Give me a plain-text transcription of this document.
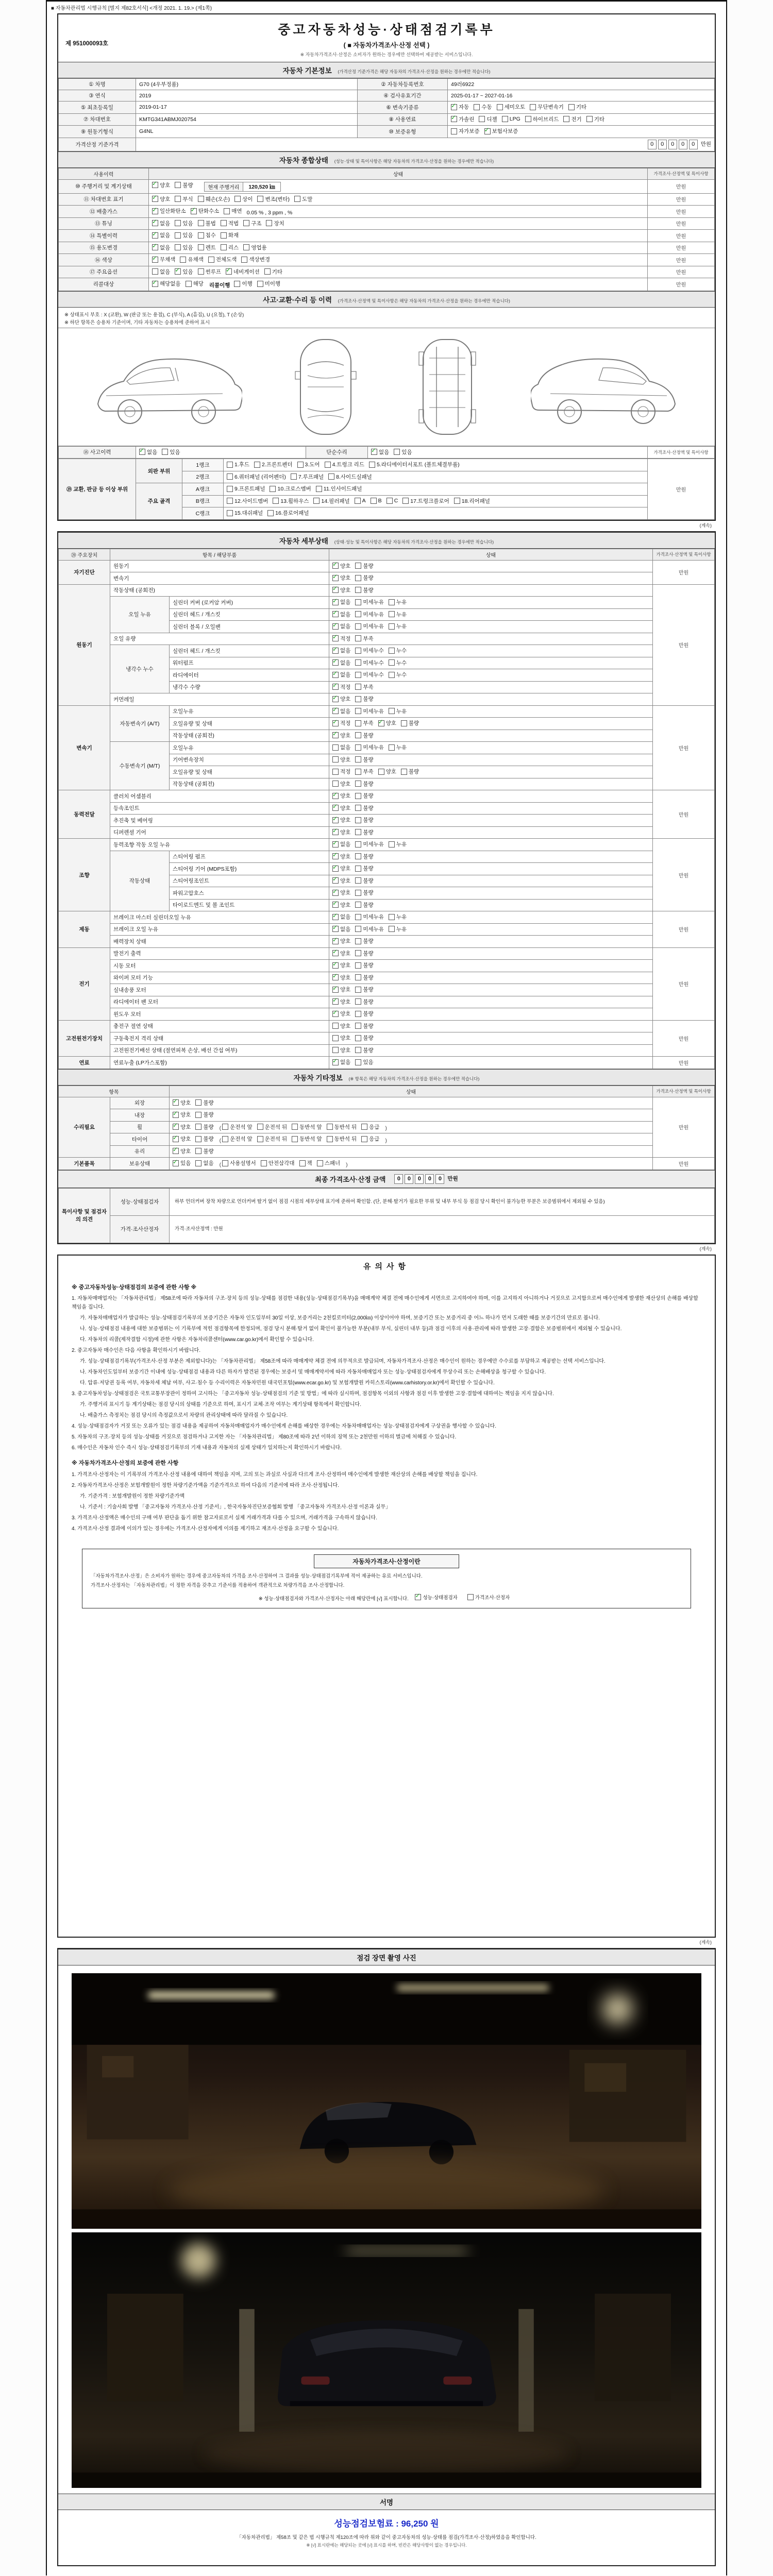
■ 자동차관리법 시행규칙 [별지 제82호서식] <개정 2021. 1. 19.> (제1쪽)
제 951000093호
중고자동차성능·상태점검기록부
( ■ 자동차가격조사·산정 선택 )
※ 자동차가격조사·산정은 소비자가 원하는 경우에만 선택하여 제공받는 서비스입니다.
자동차 기본정보 (가격산정 기준가격은 해당 자동차의 가격조사·산정을 원하는 경우에만 적습니다)
① 차명	G70 (4우부정품)	② 자동차등록번호	49러6922
③ 연식	2019	④ 검사유효기간	2025-01-17 ~ 2027-01-16
⑤ 최초등록일	2019-01-17	⑥ 변속기종류	
✓자동 수동 세미오토 무단변속기 기타

⑦ 차대번호	KMTG341ABMJ020754	⑧ 사용연료	
✓가솔린 디젤 LPG 하이브리드 전기 기타

⑨ 원동기형식	G4NL	⑩ 보증유형	자가보증 ✓ 보험사보증

가격산정 기준가격	0 0 0 0 0 만원		
자동차 종합상태 (성능·상태 및 특이사항은 해당 자동차의 가격조사·산정을 원하는 경우에만 적습니다)
사용이력	상태	가격조사·산정액 및 특이사항
⑩ 주행거리 및 계기상태	
✓양호 불량 현재 주행거리 120,520 ㎞	만원
⑪ 차대번호 표기	
✓양호 부식 훼손(오손) 상이 변조(변타) 도말	만원
⑫ 배출가스	
✓일산화탄소 ✓ 탄화수소 매연 0.05 % , 3 ppm , %	만원
⑬ 튜닝	
✓없음 있음 불법 적법 구조 장치	만원
⑭ 특별이력	
✓없음 있음 침수 화재	만원
⑮ 용도변경	
✓없음 있음 렌트 리스 영업용	만원
⑯ 색상	
✓무채색 유채색 전체도색 색상변경	만원
⑰ 주요옵션	없음 ✓ 있음 썬루프 ✓ 네비게이션 기타	만원
리콜대상	
✓해당없음 해당 리콜이행 이행 미이행	만원
사고·교환·수리 등 이력 (가격조사·산정액 및 특이사항은 해당 자동차의 가격조사·산정을 원하는 경우에만 적습니다)
※ 상태표시 부호 : X (교환), W (판금 또는 용접), C (부식), A (흠집), U (요철), T (손상)
※ 하단 항목은 승용차 기준이며, 기타 자동차는 승용차에 준하여 표시
⑱ 사고이력	
✓없음 있음	단순수리	
✓없음 있음	가격조사·산정액 및 특이사항
⑲ 교환, 판금 등 이상 부위	외판 부위	1랭크	1.후드 2.프론트펜더 3.도어 4.트렁크 리드 5.라디에이터서포트 (볼트체결부품)	만원
		2랭크	6.쿼터패널 (리어펜더) 7.루프패널 8.사이드실패널	

	주요 골격	A랭크	9.프론트패널 10.크로스멤버 11.인사이드패널	

B랭크	12.사이드멤버 13.휠하우스 14.필러패널 A B C 17.트렁크플로어 18.리어패널

		C랭크	15.대쉬패널 16.플로어패널	
(계속)
자동차 세부상태 (상태·성능 및 특이사항은 해당 자동차의 가격조사·산정을 원하는 경우에만 적습니다)
⑳ 주요장치	항목 / 해당부품		상태	가격조사·산정액 및 특이사항
자기진단	원동기	
✓양호 불량	만원
	변속기	
✓양호 불량

원동기	작동상태 (공회전)	
✓양호 불량	만원
	오일 누유	실린더 커버 (로커암 커버)	
✓없음 미세누유 누유

		실린더 헤드 / 개스킷	
✓없음 미세누유 누유

		실린더 블록 / 오일팬	
✓없음 미세누유 누유

	오일 유량	
✓적정 부족

	냉각수 누수	실린더 헤드 / 개스킷	
✓없음 미세누수 누수

		워터펌프	
✓없음 미세누수 누수

		라디에이터	
✓없음 미세누수 누수

		냉각수 수량	
✓적정 부족

	커먼레일	
✓양호 불량

변속기	자동변속기 (A/T)	오일누유	
✓없음 미세누유 누유	만원
		오일유량 및 상태	
✓적정 부족 ✓ 양호 불량

		작동상태 (공회전)	
✓양호 불량

	수동변속기 (M/T)	오일누유	없음 미세누유 누유	

		기어변속장치	양호 불량	

		오일유량 및 상태	적정 부족 양호 불량	

		작동상태 (공회전)	양호 불량	

동력전달	클러치 어셈블리	
✓양호 불량	만원
	등속조인트	
✓양호 불량

	추진축 및 베어링	
✓양호 불량

	디퍼렌셜 기어	
✓양호 불량

조향	동력조향 작동 오일 누유	
✓없음 미세누유 누유	만원
	작동상태	스티어링 펌프	
✓양호 불량

		스티어링 기어 (MDPS포함)	
✓양호 불량

		스티어링조인트	
✓양호 불량

		파워고압호스	
✓양호 불량

		타이로드엔드 및 볼 조인트	
✓양호 불량

제동	브레이크 마스터 실린더오일 누유	
✓없음 미세누유 누유	만원
	브레이크 오일 누유	
✓없음 미세누유 누유

	배력장치 상태	
✓양호 불량

전기	발전기 출력	
✓양호 불량	만원
	시동 모터	
✓양호 불량

	와이퍼 모터 기능	
✓양호 불량

	실내송풍 모터	
✓양호 불량

	라디에이터 팬 모터	
✓양호 불량

	윈도우 모터	
✓양호 불량

고전원전기장치	충전구 절연 상태		양호 불량	만원
	구동축전지 격리 상태		양호 불량	

	고전원전기배선 상태 (절연피복 손상, 배선 간섭 여부)		양호 불량	

연료	연료누출 (LP가스포함)	
✓없음 있음	만원
자동차 기타정보 (※ 항목은 해당 자동차의 가격조사·산정을 원하는 경우에만 적습니다)
항목		상태	가격조사·산정액 및 특이사항
수리필요	외장	
✓양호 불량	만원
	내장	
✓양호 불량

휠	
✓양호 불량 ( 운전석 앞 운전석 뒤 동반석 앞 동반석 뒤 응급 )
타이어	
✓양호 불량 ( 운전석 앞 운전석 뒤 동반석 앞 동반석 뒤 응급 )
	유리	
✓양호 불량

기본품목	보유상태	
✓있음 없음 ( 사용설명서 안전삼각대 잭 스패너 )	만원
최종 가격조사·산정 금액	0 0 0 0 0 만원
특이사항 및 점검자의 의견	성능·상태점검자	하부 언더커버 장착 차량으로 언더커버 탈거 없이 점검 시점의 세부상태 표기에 준하여 확인함. (단, 분해·탈거가 필요한 부위 및 내부 부식 등 점검 당시 확인이 불가능한 부분은 보증범위에서 제외될 수 있음)
	가격·조사산정자	가격·조사산정액 : 만원
(계속)
유의사항
※ 중고자동차성능·상태점검의 보증에 관한 사항 ※
1. 자동차매매업자는 「자동차관리법」 제58조에 따라 자동차의 구조·장치 등의 성능·상태를 점검한 내용(성능·상태점검기록부)을 매매계약 체결 전에 매수인에게 서면으로 고지하여야 하며, 이를 고지하지 아니하거나 거짓으로 고지함으로써 매수인에게 발생한 재산상의 손해를 배상할 책임을 집니다.
가. 자동차매매업자가 발급하는 성능·상태점검기록부의 보증기간은 자동차 인도일부터 30일 이상, 보증거리는 2천킬로미터(2,000㎞) 이상이어야 하며, 보증기간 또는 보증거리 중 어느 하나가 먼저 도래한 때를 보증기간의 만료로 봅니다.
나. 성능·상태점검 내용에 대한 보증범위는 이 기록부에 적힌 점검항목에 한정되며, 점검 당시 분해·탈거 없이 확인이 불가능한 부분(내부 부식, 실린더 내부 등)과 점검 이후의 사용·관리에 따라 발생한 고장·결함은 보증범위에서 제외될 수 있습니다.
다. 자동차의 리콜(제작결함 시정)에 관한 사항은 자동차리콜센터(www.car.go.kr)에서 확인할 수 있습니다.
2. 중고자동차 매수인은 다음 사항을 확인하시기 바랍니다.
가. 성능·상태점검기록부(가격조사·산정 부분은 제외합니다)는 「자동차관리법」 제58조에 따라 매매계약 체결 전에 의무적으로 발급되며, 자동차가격조사·산정은 매수인이 원하는 경우에만 수수료를 부담하고 제공받는 선택 서비스입니다.
나. 자동차인도일부터 보증기간 이내에 성능·상태점검 내용과 다른 하자가 발견된 경우에는 보증서 및 매매계약서에 따라 자동차매매업자 또는 성능·상태점검자에게 무상수리 또는 손해배상을 청구할 수 있습니다.
다. 압류·저당권 등록 여부, 자동차세 체납 여부, 사고·침수 등 수리이력은 자동차민원 대국민포털(www.ecar.go.kr) 및 보험개발원 카히스토리(www.carhistory.or.kr)에서 확인할 수 있습니다.
3. 중고자동차성능·상태점검은 국토교통부장관이 정하여 고시하는 「중고자동차 성능·상태점검의 기준 및 방법」에 따라 실시하며, 점검항목 이외의 사항과 점검 이후 발생한 고장·결함에 대하여는 책임을 지지 않습니다.
가. 주행거리 표시기 등 계기상태는 점검 당시의 상태를 기준으로 하며, 표시기 교체·조작 여부는 계기상태 항목에서 확인합니다.
나. 배출가스 측정치는 점검 당시의 측정값으로서 차량의 관리상태에 따라 달라질 수 있습니다.
4. 성능·상태점검자가 거짓 또는 오류가 있는 점검 내용을 제공하여 자동차매매업자가 매수인에게 손해를 배상한 경우에는 자동차매매업자는 성능·상태점검자에게 구상권을 행사할 수 있습니다.
5. 자동차의 구조·장치 등의 성능·상태를 거짓으로 점검하거나 고지한 자는 「자동차관리법」 제80조에 따라 2년 이하의 징역 또는 2천만원 이하의 벌금에 처해질 수 있습니다.
6. 매수인은 자동차 인수 즉시 성능·상태점검기록부의 기재 내용과 자동차의 실제 상태가 일치하는지 확인하시기 바랍니다.
※ 자동차가격조사·산정의 보증에 관한 사항
1. 가격조사·산정자는 이 기록부의 가격조사·산정 내용에 대하여 책임을 지며, 고의 또는 과실로 사실과 다르게 조사·산정하여 매수인에게 발생한 재산상의 손해를 배상할 책임을 집니다.
2. 자동차가격조사·산정은 보험개발원이 정한 차량기준가액을 기준가격으로 하여 다음의 기준서에 따라 조사·산정됩니다.
가. 기준가격 : 보험개발원이 정한 차량기준가액
나. 기준서 : 기술사회 발행 「중고자동차 가격조사·산정 기준서」, 한국자동차진단보증협회 발행 「중고자동차 가격조사·산정 이론과 실무」
3. 가격조사·산정액은 매수인의 구매 여부 판단을 돕기 위한 참고자료로서 실제 거래가격과 다를 수 있으며, 거래가격을 구속하지 않습니다.
4. 가격조사·산정 결과에 이의가 있는 경우에는 가격조사·산정자에게 이의를 제기하고 재조사·산정을 요구할 수 있습니다.
자동차가격조사·산정이란
「자동차가격조사·산정」은 소비자가 원하는 경우에 중고자동차의 가격을 조사·산정하여 그 결과를 성능·상태점검기록부에 적어 제공하는 유료 서비스입니다.
가격조사·산정자는 「자동차관리법」이 정한 자격을 갖추고 기준서를 적용하여 객관적으로 차량가격을 조사·산정합니다.
※ 성능·상태점검자와 가격조사·산정자는 아래 해당란에 [√] 표시합니다. ✓	성능·상태점검자	가격조사·산정자
(계속)
점검 장면 촬영 사진
서명
성능점검보험료 : 96,250 원
「자동차관리법」 제58조 및 같은 법 시행규칙 제120조에 따라 위와 같이 중고자동차의 성능·상태를 점검(가격조사·산정)하였음을 확인합니다.
※ [√] 표시란에는 해당되는 곳에 [√] 표시를 하며, 빈칸은 해당사항이 없는 경우입니다.
